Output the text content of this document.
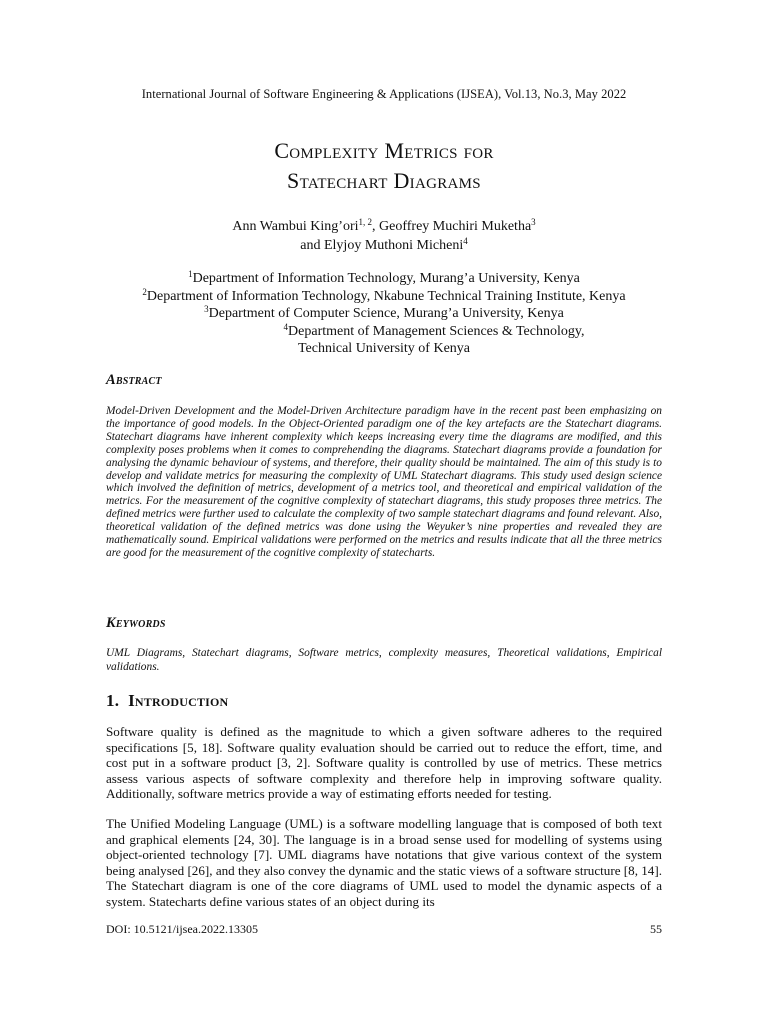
International Journal of Software Engineering & Applications (IJSEA), Vol.13, No.3, May 2022
Complexity Metrics for
Statechart Diagrams
Ann Wambui King’ori$^{1, 2}$, Geoffrey Muchiri Muketha$^3$
and Elyjoy Muthoni Micheni$^4$
$^1$Department of Information Technology, Murang’a University, Kenya
$^2$Department of Information Technology, Nkabune Technical Training Institute, Kenya
$^3$Department of Computer Science, Murang’a University, Kenya
$^4$Department of Management Sciences & Technology,
Technical University of Kenya
Abstract

Model-Driven Development and the Model-Driven Architecture paradigm have in the recent past been emphasizing on the importance of good models. In the Object-Oriented paradigm one of the key artefacts are the Statechart diagrams. Statechart diagrams have inherent complexity which keeps increasing every time the diagrams are modified, and this complexity poses problems when it comes to comprehending the diagrams. Statechart diagrams provide a foundation for analysing the dynamic behaviour of systems, and therefore, their quality should be maintained. The aim of this study is to develop and validate metrics for measuring the complexity of UML Statechart diagrams. This study used design science which involved the definition of metrics, development of a metrics tool, and theoretical and empirical validation of the metrics. For the measurement of the cognitive complexity of statechart diagrams, this study proposes three metrics. The defined metrics were further used to calculate the complexity of two sample statechart diagrams and found relevant. Also, theoretical validation of the defined metrics was done using the Weyuker’s nine properties and revealed they are mathematically sound. Empirical validations were performed on the metrics and results indicate that all the three metrics are good for the measurement of the cognitive complexity of statecharts.

Keywords

UML Diagrams, Statechart diagrams, Software metrics, complexity measures, Theoretical validations, Empirical validations.

1. Introduction

Software quality is defined as the magnitude to which a given software adheres to the required specifications [5, 18]. Software quality evaluation should be carried out to reduce the effort, time, and cost put in a software product [3, 2]. Software quality is controlled by use of metrics. These metrics assess various aspects of software complexity and therefore help in improving software quality. Additionally, software metrics provide a way of estimating efforts needed for testing.

The Unified Modeling Language (UML) is a software modelling language that is composed of both text and graphical elements [24, 30]. The language is in a broad sense used for modelling of systems using object-oriented technology [7]. UML diagrams have notations that give various context of the system being analysed [26], and they also convey the dynamic and the static views of a software structure [8, 14]. The Statechart diagram is one of the core diagrams of UML used to model the dynamic aspects of a system. Statecharts define various states of an object during its

DOI: 10.5121/ijsea.2022.13305	55
